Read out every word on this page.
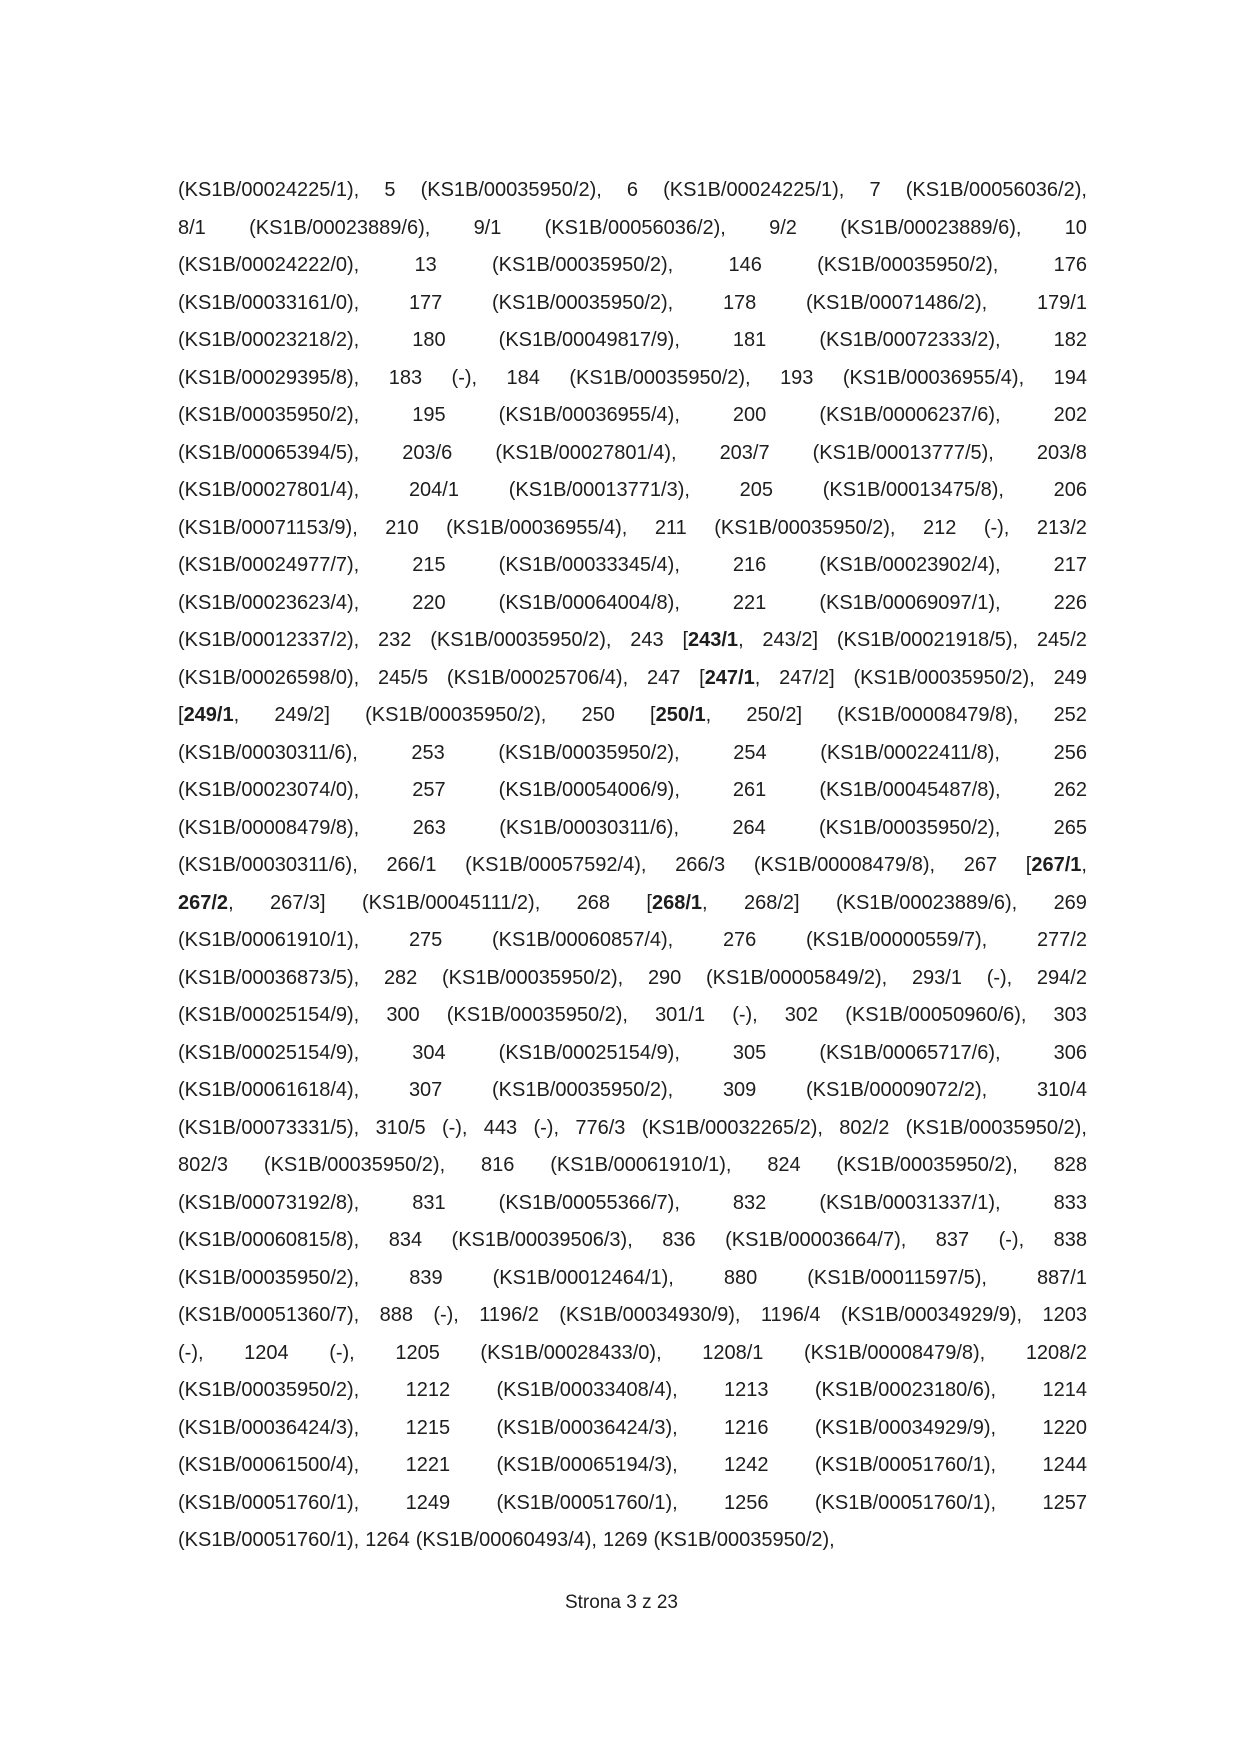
(KS1B/00024225/1), 5 (KS1B/00035950/2), 6 (KS1B/00024225/1), 7 (KS1B/00056036/2),
8/1 (KS1B/00023889/6), 9/1 (KS1B/00056036/2), 9/2 (KS1B/00023889/6), 10
(KS1B/00024222/0),	13	(KS1B/00035950/2),	146	(KS1B/00035950/2),	176
(KS1B/00033161/0), 177 (KS1B/00035950/2), 178 (KS1B/00071486/2), 179/1
(KS1B/00023218/2),	180	(KS1B/00049817/9),	181	(KS1B/00072333/2),	182
(KS1B/00029395/8), 183 (-), 184 (KS1B/00035950/2), 193 (KS1B/00036955/4), 194
(KS1B/00035950/2),	195	(KS1B/00036955/4),	200	(KS1B/00006237/6),	202
(KS1B/00065394/5), 203/6 (KS1B/00027801/4), 203/7 (KS1B/00013777/5), 203/8
(KS1B/00027801/4), 204/1 (KS1B/00013771/3), 205 (KS1B/00013475/8), 206
(KS1B/00071153/9), 210 (KS1B/00036955/4), 211 (KS1B/00035950/2), 212 (-), 213/2
(KS1B/00024977/7),	215	(KS1B/00033345/4),	216	(KS1B/00023902/4),	217
(KS1B/00023623/4),	220	(KS1B/00064004/8),	221	(KS1B/00069097/1),	226
(KS1B/00012337/2), 232 (KS1B/00035950/2), 243 [243/1, 243/2] (KS1B/00021918/5), 245/2
(KS1B/00026598/0), 245/5 (KS1B/00025706/4), 247 [247/1, 247/2] (KS1B/00035950/2), 249
[249/1, 249/2] (KS1B/00035950/2), 250 [250/1, 250/2] (KS1B/00008479/8), 252
(KS1B/00030311/6),	253	(KS1B/00035950/2),	254	(KS1B/00022411/8),	256
(KS1B/00023074/0),	257	(KS1B/00054006/9),	261	(KS1B/00045487/8),	262
(KS1B/00008479/8),	263	(KS1B/00030311/6),	264	(KS1B/00035950/2),	265
(KS1B/00030311/6), 266/1 (KS1B/00057592/4), 266/3 (KS1B/00008479/8), 267 [267/1,
267/2, 267/3] (KS1B/00045111/2), 268 [268/1, 268/2] (KS1B/00023889/6), 269
(KS1B/00061910/1), 275 (KS1B/00060857/4), 276 (KS1B/00000559/7), 277/2
(KS1B/00036873/5), 282 (KS1B/00035950/2), 290 (KS1B/00005849/2), 293/1 (-), 294/2
(KS1B/00025154/9), 300 (KS1B/00035950/2), 301/1 (-), 302 (KS1B/00050960/6), 303
(KS1B/00025154/9),	304	(KS1B/00025154/9),	305	(KS1B/00065717/6),	306
(KS1B/00061618/4), 307 (KS1B/00035950/2), 309 (KS1B/00009072/2), 310/4
(KS1B/00073331/5), 310/5 (-), 443 (-), 776/3 (KS1B/00032265/2), 802/2 (KS1B/00035950/2),
802/3 (KS1B/00035950/2), 816 (KS1B/00061910/1), 824 (KS1B/00035950/2), 828
(KS1B/00073192/8),	831	(KS1B/00055366/7),	832	(KS1B/00031337/1),	833
(KS1B/00060815/8), 834 (KS1B/00039506/3), 836 (KS1B/00003664/7), 837 (-), 838
(KS1B/00035950/2), 839 (KS1B/00012464/1), 880 (KS1B/00011597/5), 887/1
(KS1B/00051360/7), 888 (-), 1196/2 (KS1B/00034930/9), 1196/4 (KS1B/00034929/9), 1203
(-), 1204 (-), 1205 (KS1B/00028433/0), 1208/1 (KS1B/00008479/8), 1208/2
(KS1B/00035950/2), 1212 (KS1B/00033408/4), 1213 (KS1B/00023180/6), 1214
(KS1B/00036424/3), 1215 (KS1B/00036424/3), 1216 (KS1B/00034929/9), 1220
(KS1B/00061500/4), 1221 (KS1B/00065194/3), 1242 (KS1B/00051760/1), 1244
(KS1B/00051760/1), 1249 (KS1B/00051760/1), 1256 (KS1B/00051760/1), 1257
(KS1B/00051760/1), 1264 (KS1B/00060493/4), 1269 (KS1B/00035950/2),
Strona 3 z 23
